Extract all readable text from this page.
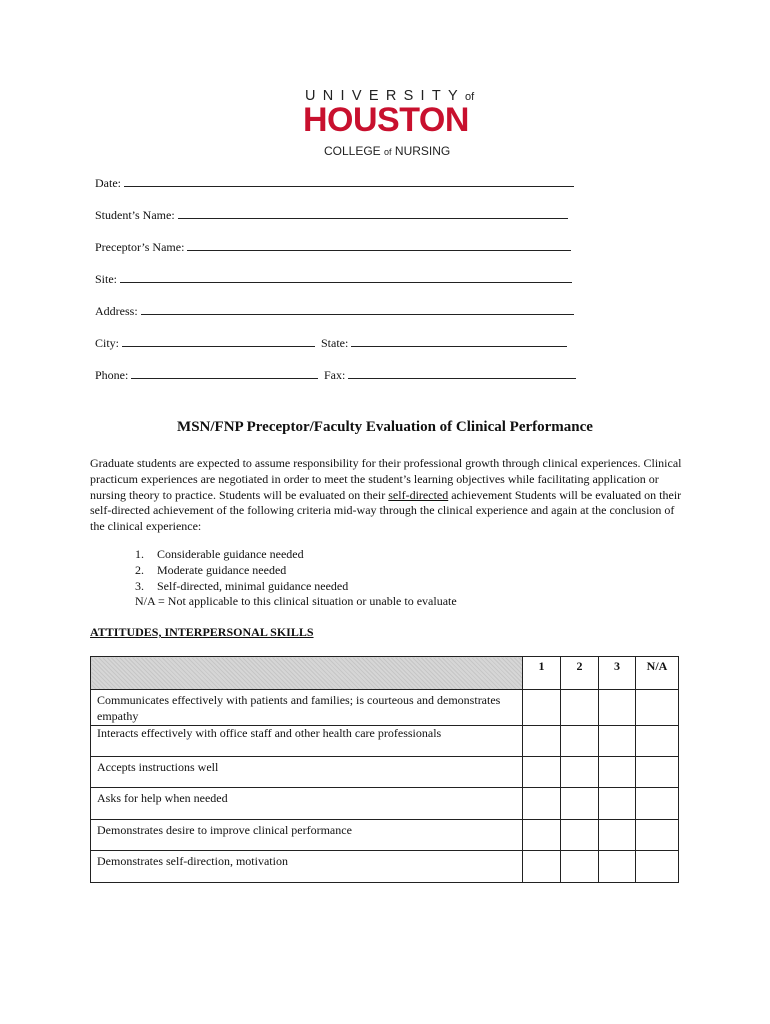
UNIVERSITYof
HOUSTON
COLLEGE of NURSING
Date:
Student’s Name:
Preceptor’s Name:
Site:
Address:
City:	State:
Phone:	Fax:
MSN/FNP Preceptor/Faculty Evaluation of Clinical Performance
Graduate students are expected to assume responsibility for their professional growth through clinical experiences. Clinical practicum experiences are negotiated in order to meet the student’s learning objectives while facilitating application or nursing theory to practice. Students will be evaluated on their self-directed achievement Students will be evaluated on their self-directed achievement of the following criteria mid-way through the clinical experience and again at the conclusion of the clinical experience:
1. Considerable guidance needed
2. Moderate guidance needed
3. Self-directed, minimal guidance needed
N/A = Not applicable to this clinical situation or unable to evaluate
ATTITUDES, INTERPERSONAL SKILLS
	1	2	3	N/A
Communicates effectively with patients and families; is courteous and demonstrates empathy				
Interacts effectively with office staff and other health care professionals				
Accepts instructions well				
Asks for help when needed				
Demonstrates desire to improve clinical performance				
Demonstrates self-direction, motivation				
